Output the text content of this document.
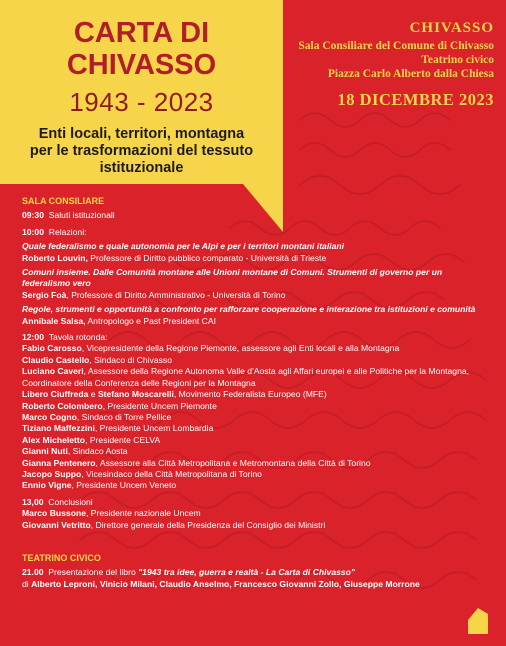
CARTA DI
CHIVASSO
1943 - 2023
Enti locali, territori, montagna
per le trasformazioni del tessuto
istituzionale
CHIVASSO
Sala Consiliare del Comune di Chivasso
Teatrino civico
Piazza Carlo Alberto dalla Chiesa
18 DICEMBRE 2023
SALA CONSILIARE
09:30 Saluti istituzionali
10:00 Relazioni:
Quale federalismo e quale autonomia per le Alpi e per i territori montani italiani
Roberto Louvin, Professore di Diritto pubblico comparato - Università di Trieste
Comuni insieme. Dalle Comunità montane alle Unioni montane di Comuni. Strumenti di governo per un federalismo vero
Sergio Foà, Professore di Diritto Amministrativo - Università di Torino
Regole, strumenti e opportunità a confronto per rafforzare cooperazione e interazione tra istituzioni e comunità
Annibale Salsa, Antropologo e Past President CAI
12:00 Tavola rotonda:
Fabio Carosso, Vicepresidente della Regione Piemonte, assessore agli Enti locali e alla Montagna
Claudio Castello, Sindaco di Chivasso
Luciano Caveri, Assessore della Regione Autonoma Valle d'Aosta agli Affari europei e alle Politiche per la Montagna,
Coordinatore della Conferenza delle Regioni per la Montagna
Libero Ciuffreda e Stefano Moscarelli, Movimento Federalista Europeo (MFE)
Roberto Colombero, Presidente Uncem Piemonte
Marco Cogno, Sindaco di Torre Pellice
Tiziano Maffezzini, Presidente Uncem Lombardia
Alex Micheletto, Presidente CELVA
Gianni Nuti, Sindaco Aosta
Gianna Pentenero, Assessore alla Città Metropolitana e Metromontana della Città di Torino
Jacopo Suppo, Vicesindaco della Città Metropolitana di Torino
Ennio Vigne, Presidente Uncem Veneto
13,00 Conclusioni
Marco Bussone, Presidente nazionale Uncem
Giovanni Vetritto, Direttore generale della Presidenza del Consiglio dei Ministri
TEATRINO CIVICO
21.00 Presentazione del libro "1943 tra idee, guerra e realtà - La Carta di Chivasso"
di Alberto Leproni, Vinicio Milani, Claudio Anselmo, Francesco Giovanni Zollo, Giuseppe Morrone
